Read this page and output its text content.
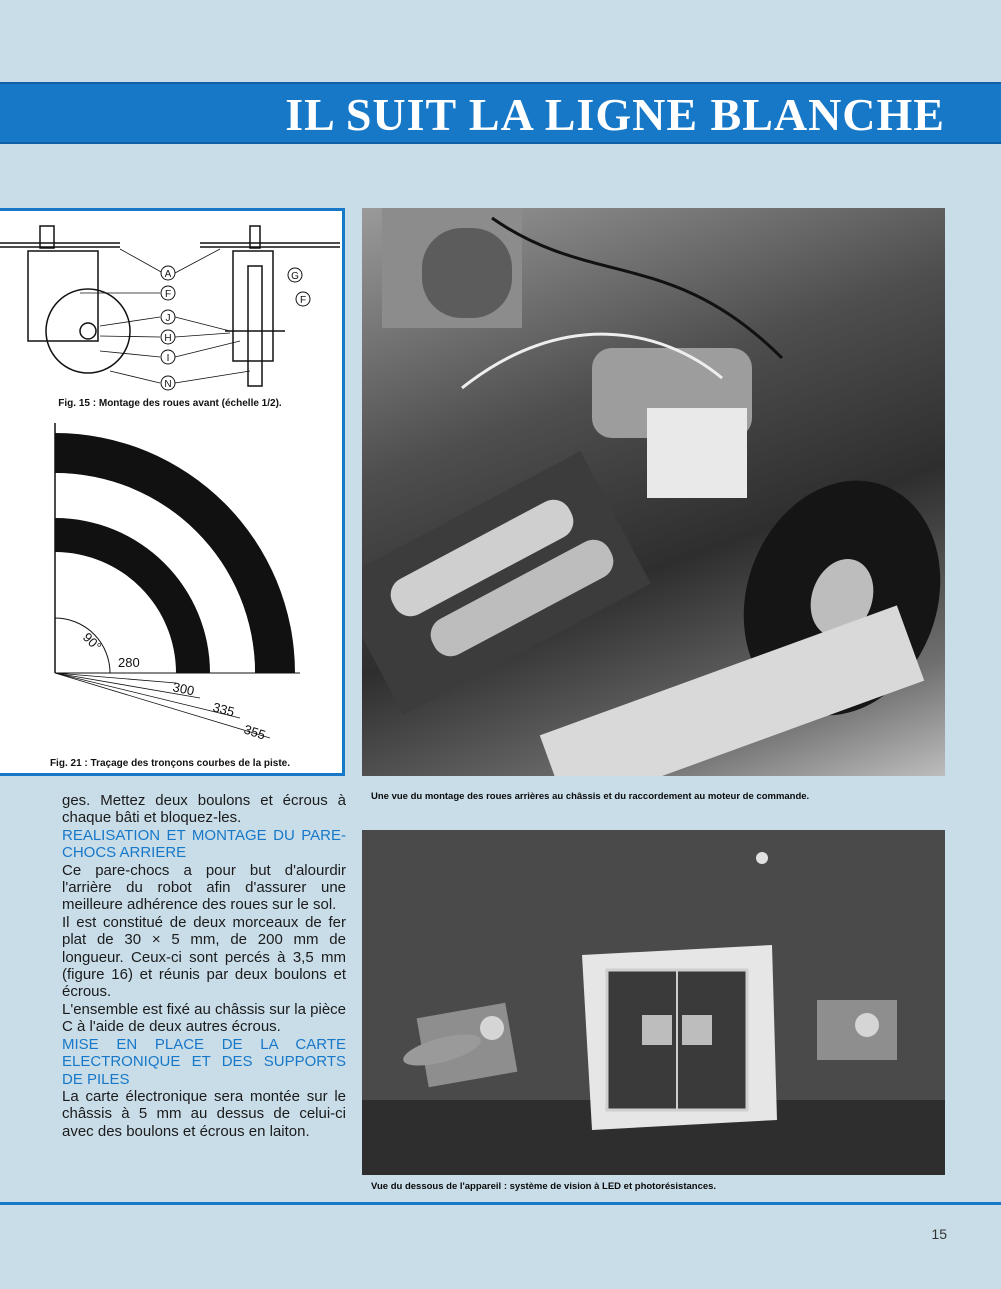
IL SUIT LA LIGNE BLANCHE
A
F
G
F
J
H
I
N
Fig. 15 : Montage des roues avant (échelle 1/2).
90°
280
300
335
355
Fig. 21 : Traçage des tronçons courbes de la piste.
Une vue du montage des roues arrières au châssis et du raccordement au moteur de commande.
Vue du dessous de l'appareil : système de vision à LED et photorésistances.

ges. Mettez deux boulons et écrous à chaque bâti et bloquez-les.

REALISATION ET MONTAGE DU PARE-CHOCS ARRIERE

Ce pare-chocs a pour but d'alourdir l'arrière du robot afin d'assurer une meilleure adhérence des roues sur le sol.

Il est constitué de deux morceaux de fer plat de 30 × 5 mm, de 200 mm de longueur. Ceux-ci sont percés à 3,5 mm (figure 16) et réunis par deux boulons et écrous.

L'ensemble est fixé au châssis sur la pièce C à l'aide de deux autres écrous.

MISE EN PLACE DE LA CARTE ELECTRONIQUE ET DES SUPPORTS DE PILES

La carte électronique sera montée sur le châssis à 5 mm au dessus de celui-ci avec des boulons et écrous en laiton.

15
